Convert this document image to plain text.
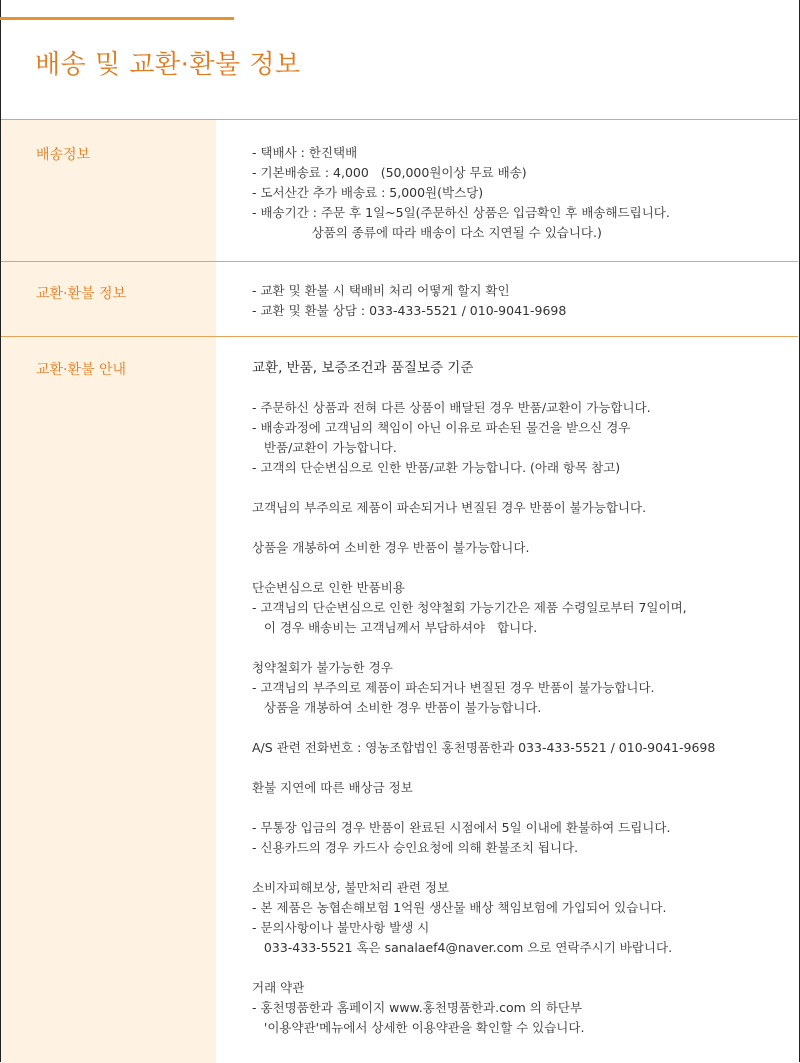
배송 및 교환·환불 정보
배송정보	- 택배사 : 한진택배

- 기본배송료 : 4,000   (50,000원이상 무료 배송)

- 도서산간 추가 배송료 : 5,000원(박스당)

- 배송기간 : 주문 후 1일~5일(주문하신 상품은 입금확인 후 배송해드립니다.

상품의 종류에 따라 배송이 다소 지연될 수 있습니다.)

교환·환불 정보	- 교환 및 환불 시 택배비 처리 어떻게 할지 확인

- 교환 및 환불 상담 : 033-433-5521 / 010-9041-9698

교환·환불 안내	교환, 반품, 보증조건과 품질보증 기준

- 주문하신 상품과 전혀 다른 상품이 배달된 경우 반품/교환이 가능합니다.

- 배송과정에 고객님의 책임이 아닌 이유로 파손된 물건을 받으신 경우

반품/교환이 가능합니다.

- 고객의 단순변심으로 인한 반품/교환 가능합니다. (아래 항목 참고)

고객님의 부주의로 제품이 파손되거나 변질된 경우 반품이 불가능합니다.

상품을 개봉하여 소비한 경우 반품이 불가능합니다.

단순변심으로 인한 반품비용

- 고객님의 단순변심으로 인한 청약철회 가능기간은 제품 수령일로부터 7일이며,

이 경우 배송비는 고객님께서 부담하셔야   합니다.

청약철회가 불가능한 경우

- 고객님의 부주의로 제품이 파손되거나 변질된 경우 반품이 불가능합니다.

상품을 개봉하여 소비한 경우 반품이 불가능합니다.

A/S 관련 전화번호 : 영농조합법인 홍천명품한과 033-433-5521 / 010-9041-9698

환불 지연에 따른 배상금 정보

- 무통장 입금의 경우 반품이 완료된 시점에서 5일 이내에 환불하여 드립니다.

- 신용카드의 경우 카드사 승인요청에 의해 환불조치 됩니다.

소비자피해보상, 불만처리 관련 정보

- 본 제품은 농협손해보험 1억원 생산물 배상 책임보험에 가입되어 있습니다.

- 문의사항이나 불만사항 발생 시

033-433-5521 혹은 sanalaef4@naver.com 으로 연락주시기 바랍니다.

거래 약관

- 홍천명품한과 홈페이지 www.홍천명품한과.com 의 하단부

'이용약관'메뉴에서 상세한 이용약관을 확인할 수 있습니다.
